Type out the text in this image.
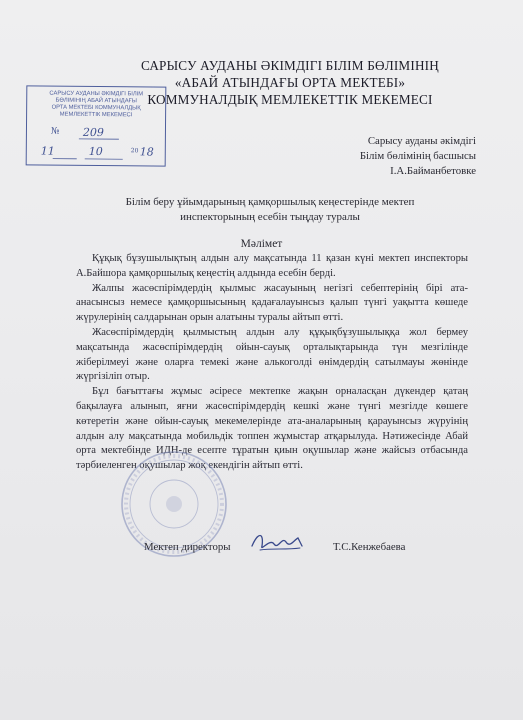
САРЫСУ АУДАНЫ ӘКІМДІГІ БІЛІМ БӨЛІМІНІҢ
«АБАЙ АТЫНДАҒЫ ОРТА МЕКТЕБІ»
КОММУНАЛДЫҚ МЕМЛЕКЕТТІК МЕКЕМЕСІ
САРЫСУ АУДАНЫ ӘКІМДІГІ БІЛІМ
БӨЛІМІНІҢ АБАЙ АТЫНДАҒЫ
ОРТА МЕКТЕБІ КОММУНАЛДЫҚ
МЕМЛЕКЕТТІК МЕКЕМЕСІ
№ 209
11	10	20 18
Сарысу ауданы әкімдігі
Білім бөлімінің басшысы
І.А.Байманбетовке
Білім беру ұйымдарының қамқоршылық кеңестерінде мектеп
инспекторының есебін тыңдау туралы
Мәлімет

Құқық бұзушылықтың алдын алу мақсатында 11 қазан күні мектеп инспекторы А.Байшора қамқоршылық кеңестің алдында есебін берді.

Жалпы жасөспірімдердің қылмыс жасауының негізгі себептерінің бірі ата-анасынсыз немесе қамқоршысының қадағалауынсыз қалып түнгі уақытта көшеде жүрулерінің салдарынан орын алатыны туралы айтып өтті.

Жасөспірімдердің қылмыстың алдын алу құқықбұзушылыққа жол бермеу мақсатында жасөспірімдердің ойын-сауық орталықтарында түн мезгілінде жіберілмеуі және оларға темекі және алькоголді өнімдердің сатылмауы жөнінде жүргізіліп отыр.

Бұл бағыттағы жұмыс әсіресе мектепке жақын орналасқан дүкендер қатаң бақылауға алынып, яғни жасөспірімдердің кешкі және түнгі мезгілде көшеге көтеретін және ойын-сауық мекемелерінде ата-аналарының қарауынсыз жүруінің алдын алу мақсатында мобильдік топпен жұмыстар атқарылуда. Нәтижесінде Абай орта мектебінде ИДН-де есепте тұратын қиын оқушылар және жайсыз отбасында тәрбиеленген оқушылар жоқ екендігін айтып өтті.

Мектеп директоры	Т.С.Кенжебаева
